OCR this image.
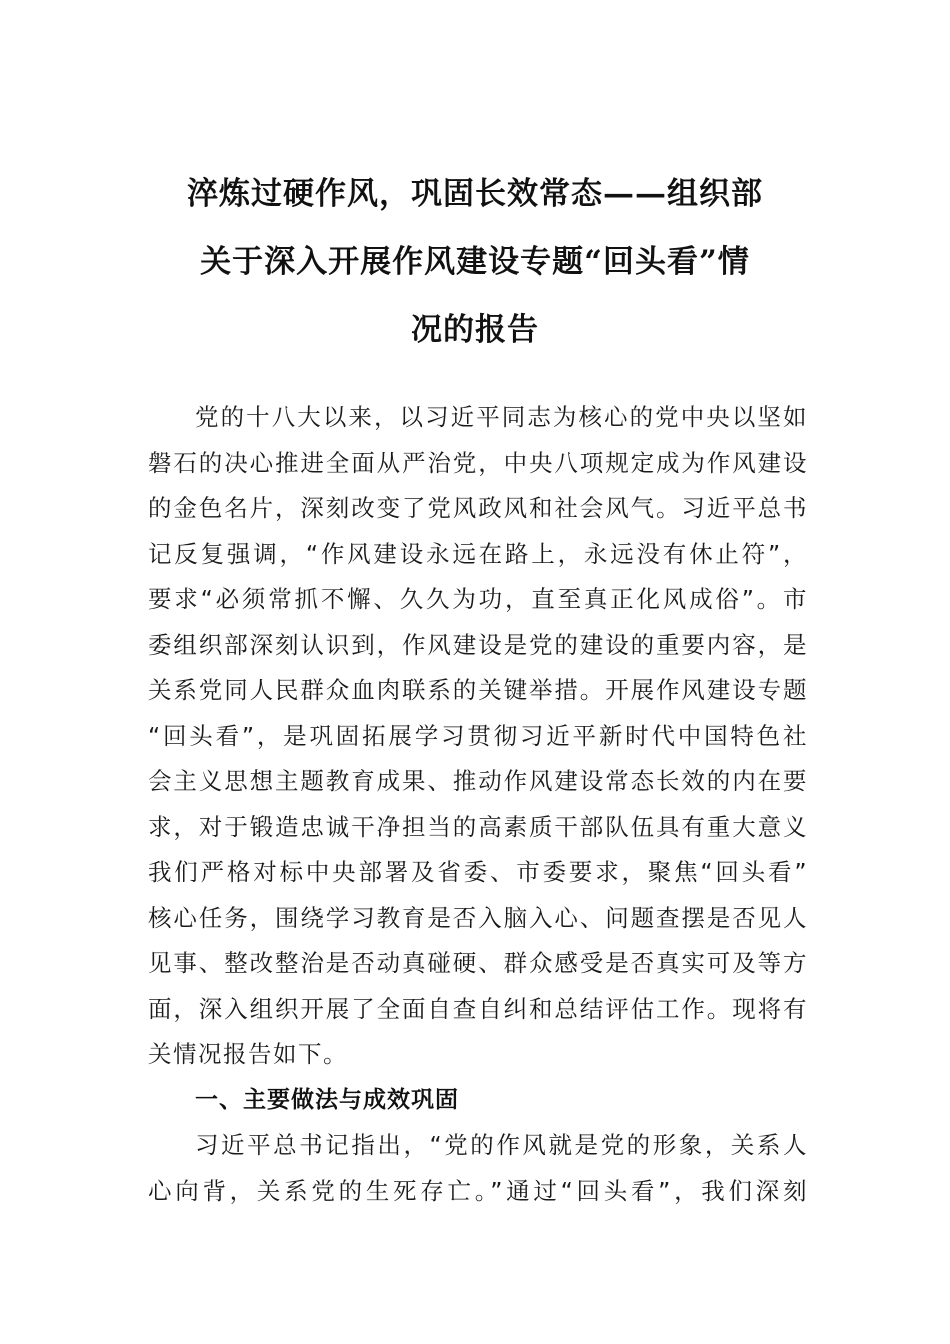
淬炼过硬作风，巩固长效常态——组织部
关于深入开展作风建设专题“回头看”情
况的报告
党的十八大以来，以习近平同志为核心的党中央以坚如
磐石的决心推进全面从严治党，中央八项规定成为作风建设
的金色名片，深刻改变了党风政风和社会风气。习近平总书
记反复强调，“作风建设永远在路上，永远没有休止符”，
要求“必须常抓不懈、久久为功，直至真正化风成俗”。市
委组织部深刻认识到，作风建设是党的建设的重要内容，是
关系党同人民群众血肉联系的关键举措。开展作风建设专题
“回头看”，是巩固拓展学习贯彻习近平新时代中国特色社
会主义思想主题教育成果、推动作风建设常态长效的内在要
求，对于锻造忠诚干净担当的高素质干部队伍具有重大意义
我们严格对标中央部署及省委、市委要求，聚焦“回头看”
核心任务，围绕学习教育是否入脑入心、问题查摆是否见人
见事、整改整治是否动真碰硬、群众感受是否真实可及等方
面，深入组织开展了全面自查自纠和总结评估工作。现将有
关情况报告如下。
一、主要做法与成效巩固
习近平总书记指出，“党的作风就是党的形象，关系人
心向背，关系党的生死存亡。”通过“回头看”，我们深刻
